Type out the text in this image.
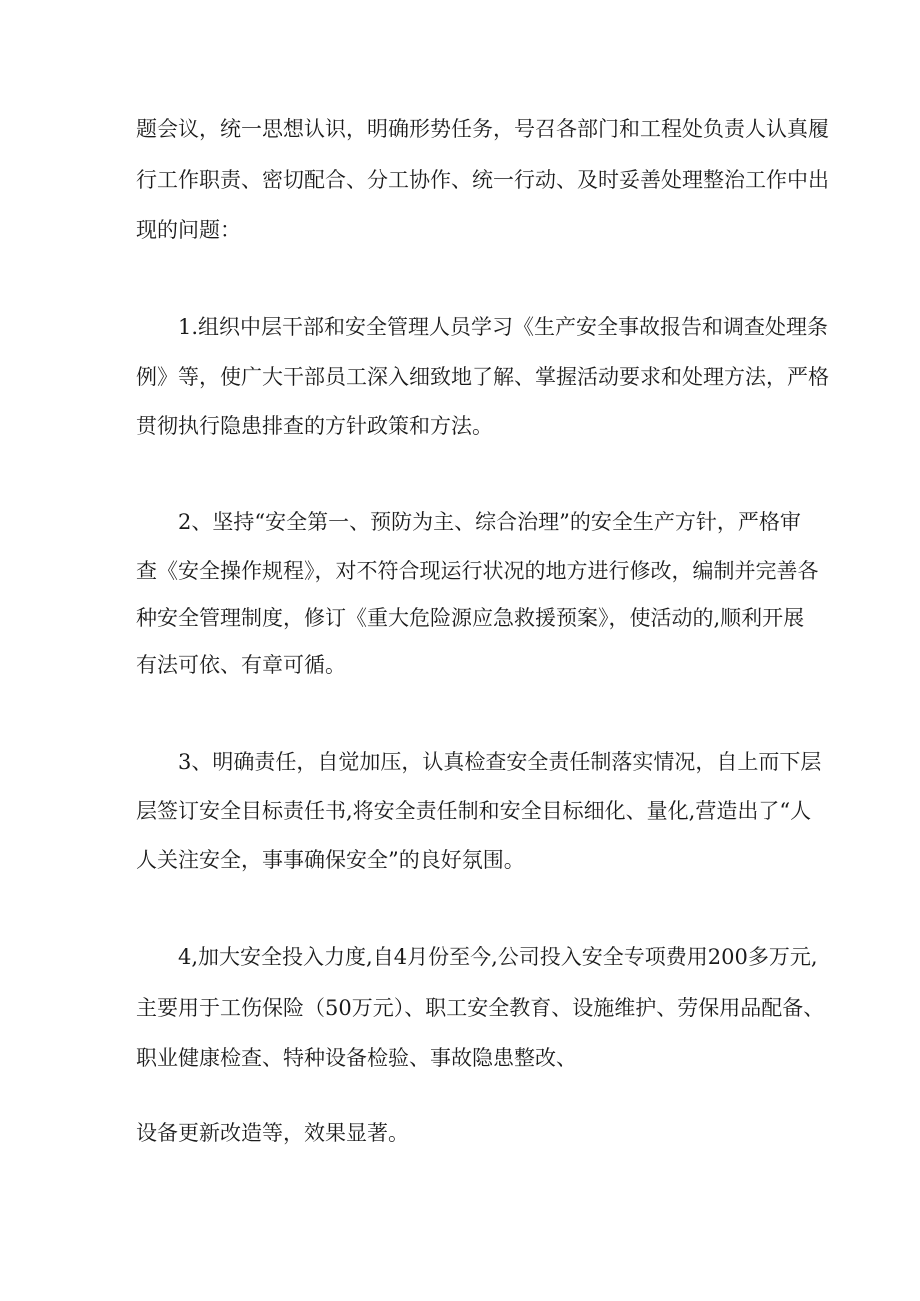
题会议，统一思想认识，明确形势任务，号召各部门和工程处负责人认真履
行工作职责、密切配合、分工协作、统一行动、及时妥善处理整治工作中出
现的问题：
1.组织中层干部和安全管理人员学习《生产安全事故报告和调查处理条
例》等，使广大干部员工深入细致地了解、掌握活动要求和处理方法，严格
贯彻执行隐患排查的方针政策和方法。
2、坚持“安全第一、预防为主、综合治理”的安全生产方针，严格审
查《安全操作规程》，对不符合现运行状况的地方进行修改，编制并完善各
种安全管理制度，修订《重大危险源应急救援预案》，使活动的,顺利开展
有法可依、有章可循。
3、明确责任，自觉加压，认真检查安全责任制落实情况，自上而下层
层签订安全目标责任书,将安全责任制和安全目标细化、量化,营造出了“人
人关注安全，事事确保安全”的良好氛围。
4,加大安全投入力度,自4月份至今,公司投入安全专项费用200多万元,
主要用于工伤保险（50万元）、职工安全教育、设施维护、劳保用品配备、
职业健康检查、特种设备检验、事故隐患整改、
设备更新改造等，效果显著。
